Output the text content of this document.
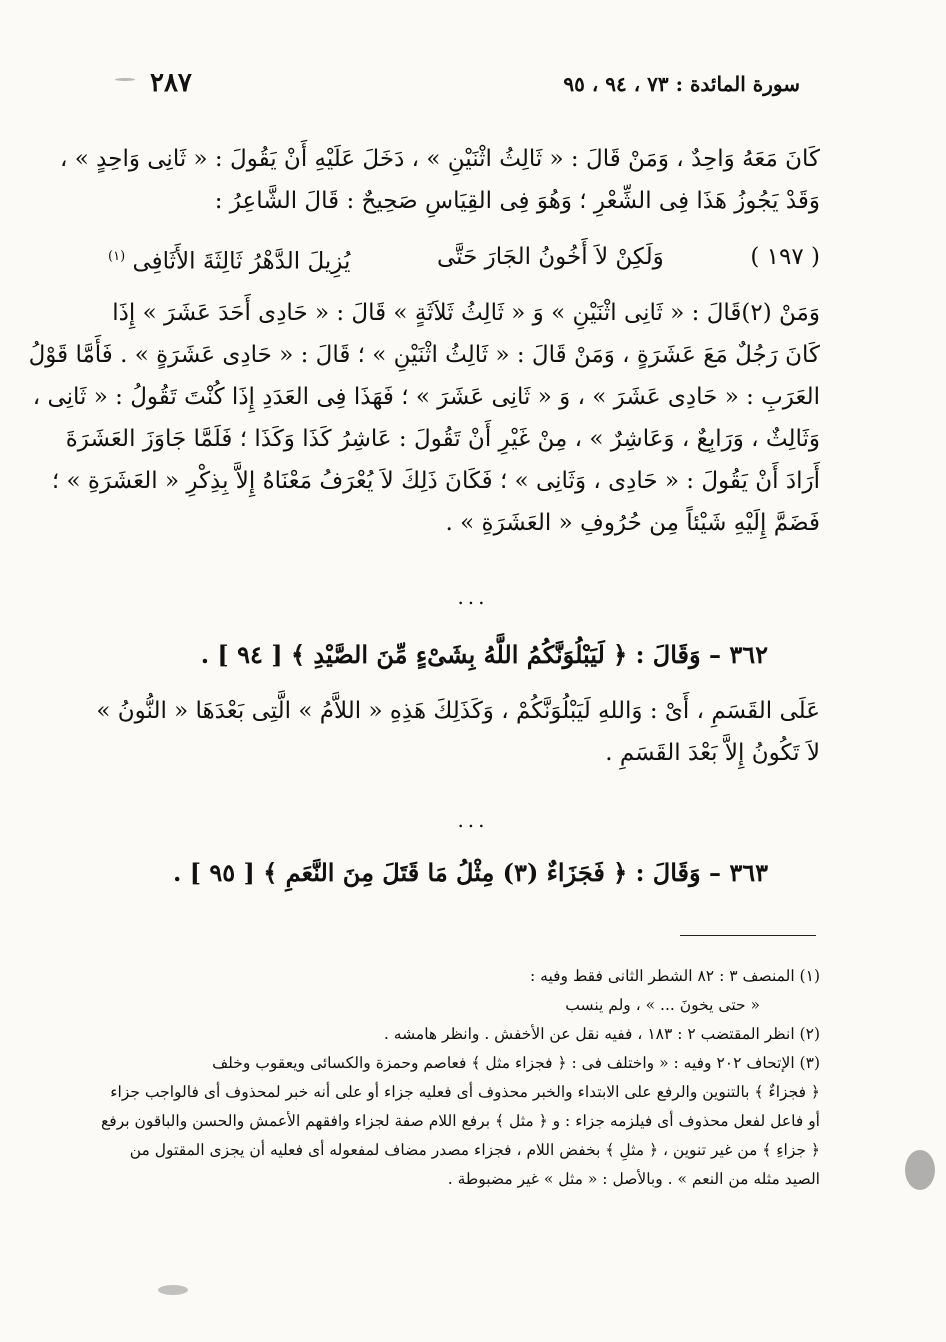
سورة المائدة : ٧٣ ، ٩٤ ، ٩٥
٢٨٧
كَانَ مَعَهُ وَاحِدٌ ، وَمَنْ قَالَ : « ثَالِثُ اثْنَيْنِ » ، دَخَلَ عَلَيْهِ أَنْ يَقُولَ : « ثَانِى وَاحِدٍ » ،
وَقَدْ يَجُوزُ هَذَا فِى الشِّعْرِ ؛ وَهُوَ فِى القِيَاسِ صَحِيحٌ : قَالَ الشَّاعِرُ :
( ١٩٧ )
وَلَكِنْ لاَ أَخُونُ الجَارَ حَتَّى
يُزِيلَ الدَّهْرُ ثَالِثَةَ الأَثَافِى $^{(١)}$
وَمَنْ (٢)قَالَ : « ثَانِى اثْنَيْنِ » وَ « ثَالِثُ ثَلاَثَةٍ » قَالَ : « حَادِى أَحَدَ عَشَرَ » إِذَا
كَانَ رَجُلٌ مَعَ عَشَرَةٍ ، وَمَنْ قَالَ : « ثَالِثُ اثْنَيْنِ » ؛ قَالَ : « حَادِى عَشَرَةٍ » . فَأَمَّا قَوْلُ
العَرَبِ : « حَادِى عَشَرَ » ، وَ « ثَانِى عَشَرَ » ؛ فَهَذَا فِى العَدَدِ إِذَا كُنْتَ تَقُولُ : « ثَانِى ،
وَثَالِثٌ ، وَرَابِعٌ ، وَعَاشِرٌ » ، مِنْ غَيْرِ أَنْ تَقُولَ : عَاشِرُ كَذَا وَكَذَا ؛ فَلَمَّا جَاوَزَ العَشَرَةَ
أَرَادَ أَنْ يَقُولَ : « حَادِى ، وَثَانِى » ؛ فَكَانَ ذَلِكَ لاَ يُعْرَفُ مَعْنَاهُ إِلاَّ بِذِكْرِ « العَشَرَةِ » ؛
فَضَمَّ إِلَيْهِ شَيْئاً مِن حُرُوفِ « العَشَرَةِ » .
...
٣٦٢ – وَقَالَ : ﴿ لَيَبْلُوَنَّكُمُ اللَّهُ بِشَىْءٍ مِّنَ الصَّيْدِ ﴾ [ ٩٤ ] .
عَلَى القَسَمِ ، أَىْ : وَاللهِ لَيَبْلُوَنَّكُمْ ، وَكَذَلِكَ هَذِهِ « اللاَّمُ » الَّتِى بَعْدَهَا « النُّونُ »
لاَ تَكُونُ إِلاَّ بَعْدَ القَسَمِ .
...
٣٦٣ – وَقَالَ : ﴿ فَجَزَاءٌ (٣) مِثْلُ مَا قَتَلَ مِنَ النَّعَمِ ﴾ [ ٩٥ ] .
(١) المنصف ٣ : ٨٢ الشطر الثانى فقط وفيه :
« حتى يخونَ ... » ، ولم ينسب
(٢) انظر المقتضب ٢ : ١٨٣ ، ففيه نقل عن الأخفش . وانظر هامشه .
(٣) الإتحاف ٢٠٢ وفيه : « واختلف فى : ﴿ فجزاء مثل ﴾ فعاصم وحمزة والكسائى ويعقوب وخلف
﴿ فجزاءٌ ﴾ بالتنوين والرفع على الابتداء والخبر محذوف أى فعليه جزاء أو على أنه خبر لمحذوف أى فالواجب جزاء
أو فاعل لفعل محذوف أى فيلزمه جزاء : و ﴿ مثل ﴾ برفع اللام صفة لجزاء وافقهم الأعمش والحسن والباقون برفع
﴿ جزاءِ ﴾ من غير تنوين ، ﴿ مثلِ ﴾ بخفض اللام ، فجزاء مصدر مضاف لمفعوله أى فعليه أن يجزى المقتول من
الصيد مثله من النعم » . وبالأصل : « مثل » غير مضبوطة .
